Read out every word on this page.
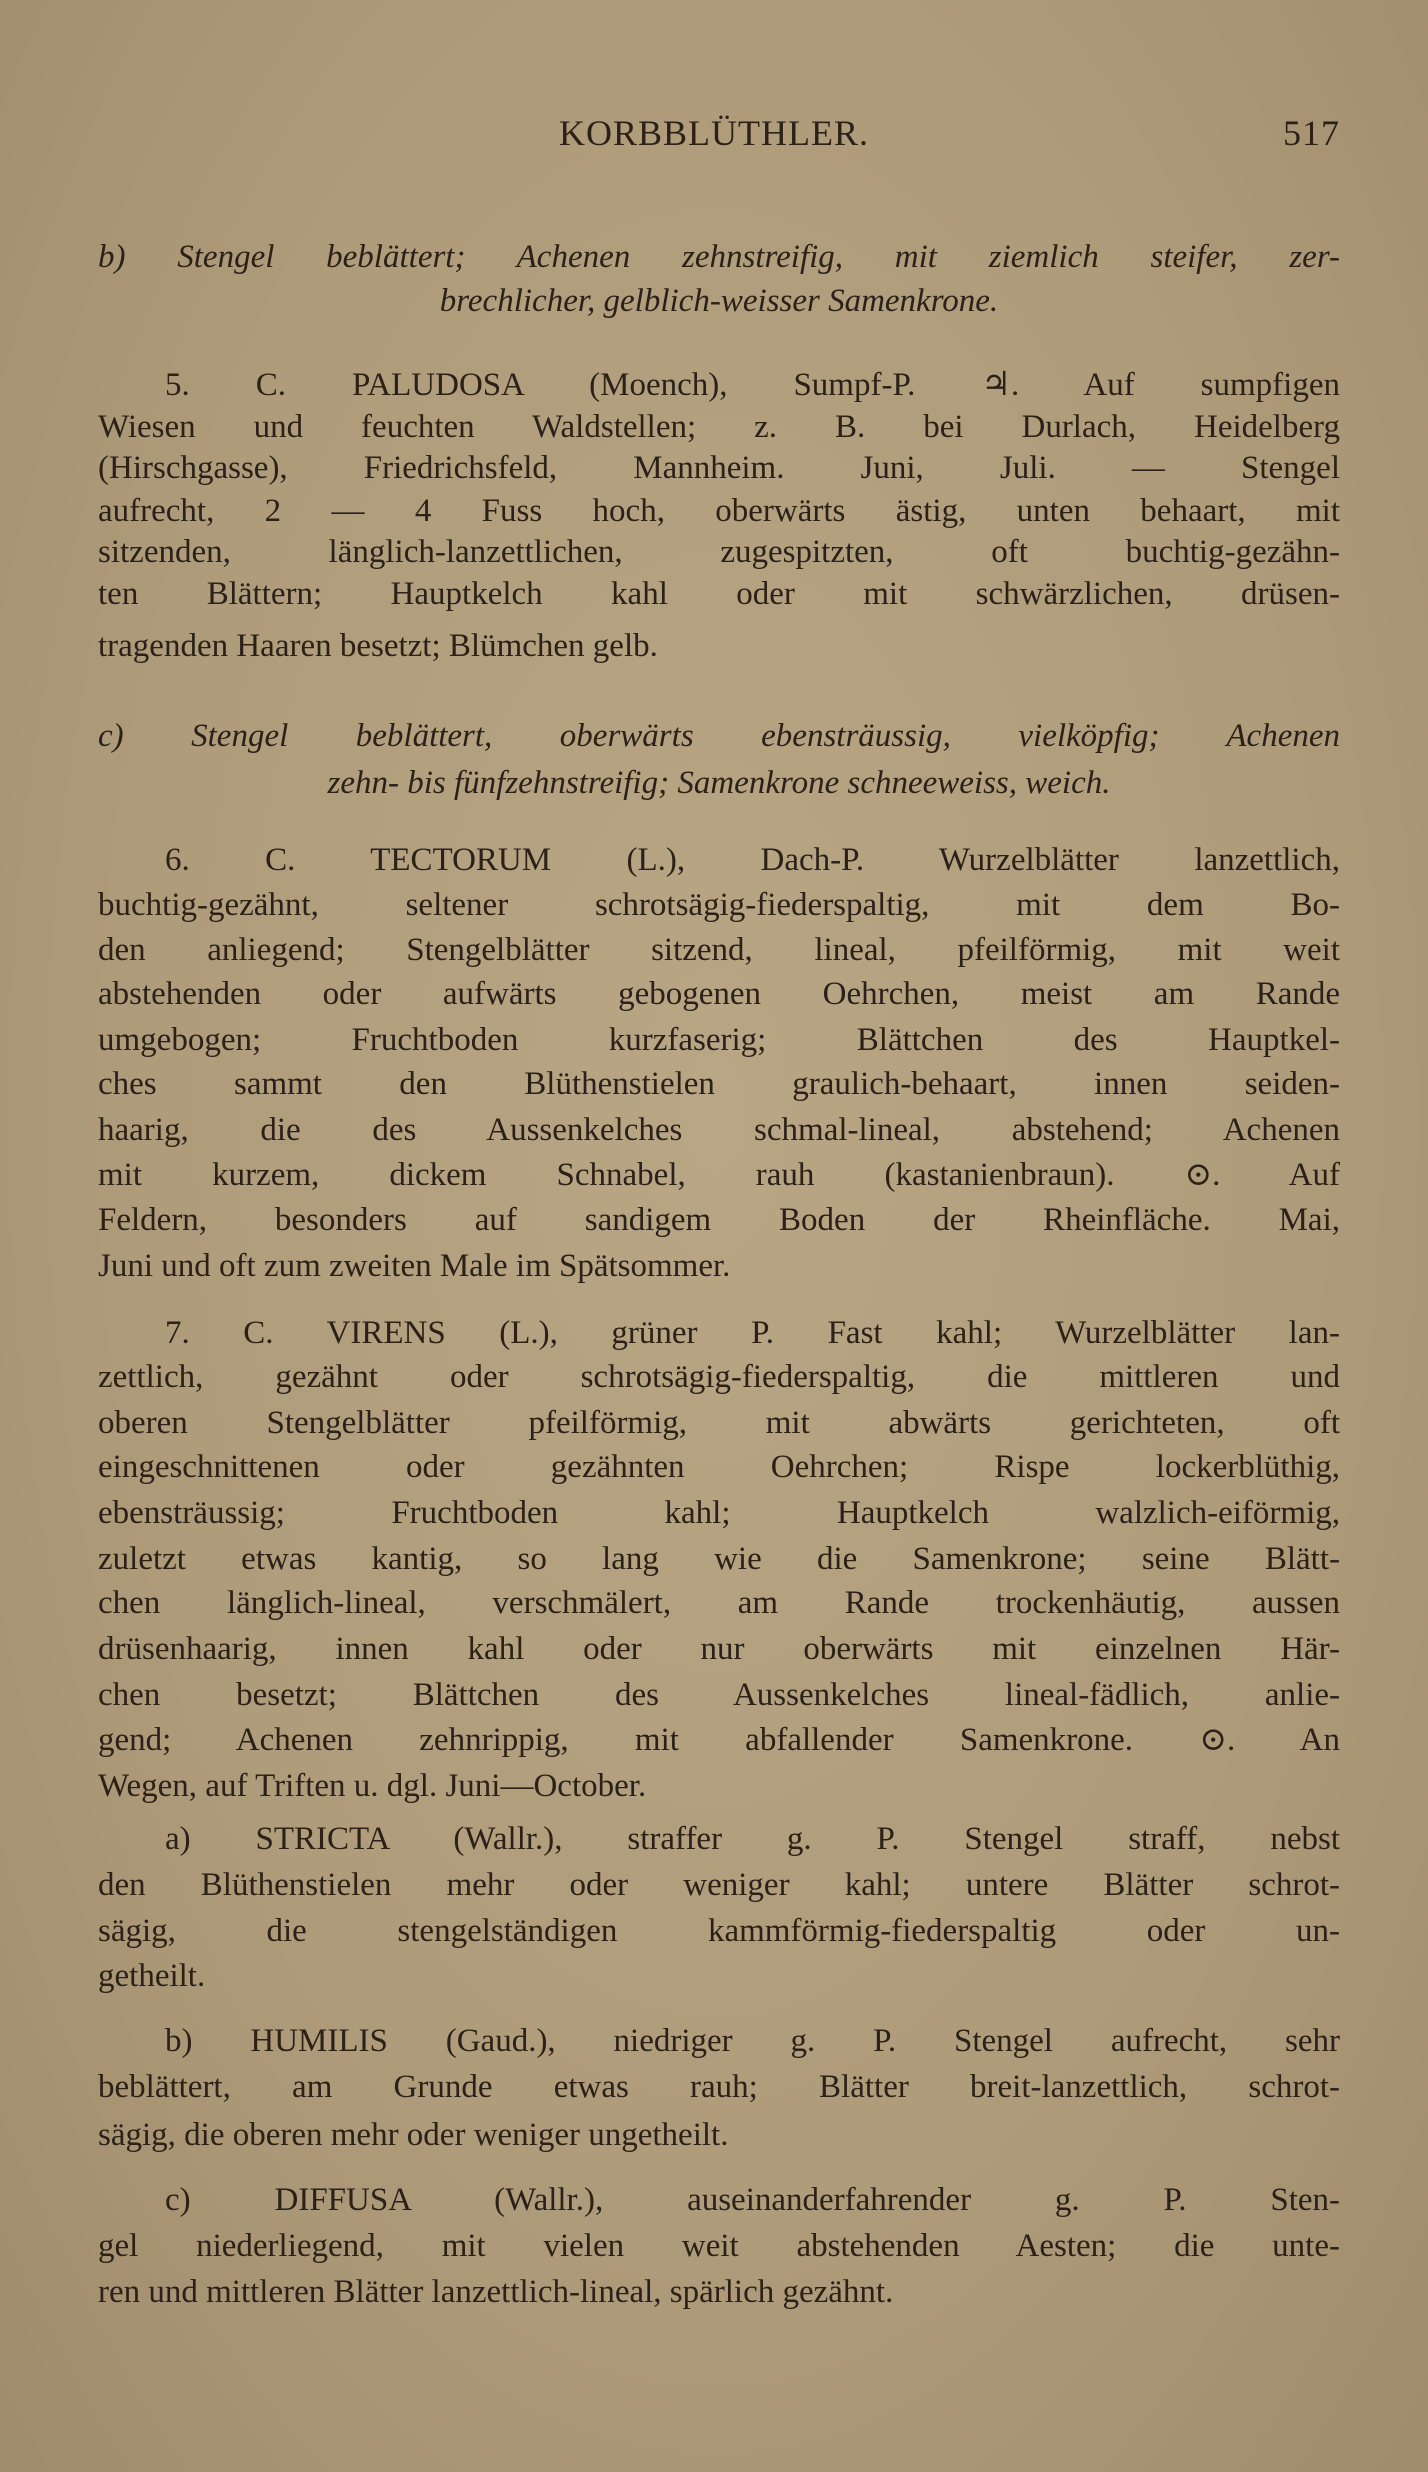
KORBBLÜTHLER.	517
b) Stengel beblättert; Achenen zehnstreifig, mit ziemlich steifer, zer-
brechlicher, gelblich-weisser Samenkrone.
5. C. PALUDOSA (Moench), Sumpf-P. ♃. Auf sumpfigen
Wiesen und feuchten Waldstellen; z. B. bei Durlach, Heidelberg
(Hirschgasse), Friedrichsfeld, Mannheim. Juni, Juli. — Stengel
aufrecht, 2 — 4 Fuss hoch, oberwärts ästig, unten behaart, mit
sitzenden, länglich-lanzettlichen, zugespitzten, oft buchtig-gezähn-
ten Blättern; Hauptkelch kahl oder mit schwärzlichen, drüsen-
tragenden Haaren besetzt; Blümchen gelb.
c) Stengel beblättert, oberwärts ebensträussig, vielköpfig; Achenen
zehn- bis fünfzehnstreifig; Samenkrone schneeweiss, weich.
6. C. TECTORUM (L.), Dach-P. Wurzelblätter lanzettlich,
buchtig-gezähnt, seltener schrotsägig-fiederspaltig, mit dem Bo-
den anliegend; Stengelblätter sitzend, lineal, pfeilförmig, mit weit
abstehenden oder aufwärts gebogenen Oehrchen, meist am Rande
umgebogen; Fruchtboden kurzfaserig; Blättchen des Hauptkel-
ches sammt den Blüthenstielen graulich-behaart, innen seiden-
haarig, die des Aussenkelches schmal-lineal, abstehend; Achenen
mit kurzem, dickem Schnabel, rauh (kastanienbraun). ⊙. Auf
Feldern, besonders auf sandigem Boden der Rheinfläche. Mai,
Juni und oft zum zweiten Male im Spätsommer.
7. C. VIRENS (L.), grüner P. Fast kahl; Wurzelblätter lan-
zettlich, gezähnt oder schrotsägig-fiederspaltig, die mittleren und
oberen Stengelblätter pfeilförmig, mit abwärts gerichteten, oft
eingeschnittenen oder gezähnten Oehrchen; Rispe lockerblüthig,
ebensträussig; Fruchtboden kahl; Hauptkelch walzlich-eiförmig,
zuletzt etwas kantig, so lang wie die Samenkrone; seine Blätt-
chen länglich-lineal, verschmälert, am Rande trockenhäutig, aussen
drüsenhaarig, innen kahl oder nur oberwärts mit einzelnen Här-
chen besetzt; Blättchen des Aussenkelches lineal-fädlich, anlie-
gend; Achenen zehnrippig, mit abfallender Samenkrone. ⊙. An
Wegen, auf Triften u. dgl. Juni—October.
a) STRICTA (Wallr.), straffer g. P. Stengel straff, nebst
den Blüthenstielen mehr oder weniger kahl; untere Blätter schrot-
sägig, die stengelständigen kammförmig-fiederspaltig oder un-
getheilt.
b) HUMILIS (Gaud.), niedriger g. P. Stengel aufrecht, sehr
beblättert, am Grunde etwas rauh; Blätter breit-lanzettlich, schrot-
sägig, die oberen mehr oder weniger ungetheilt.
c) DIFFUSA (Wallr.), auseinanderfahrender g. P. Sten-
gel niederliegend, mit vielen weit abstehenden Aesten; die unte-
ren und mittleren Blätter lanzettlich-lineal, spärlich gezähnt.
